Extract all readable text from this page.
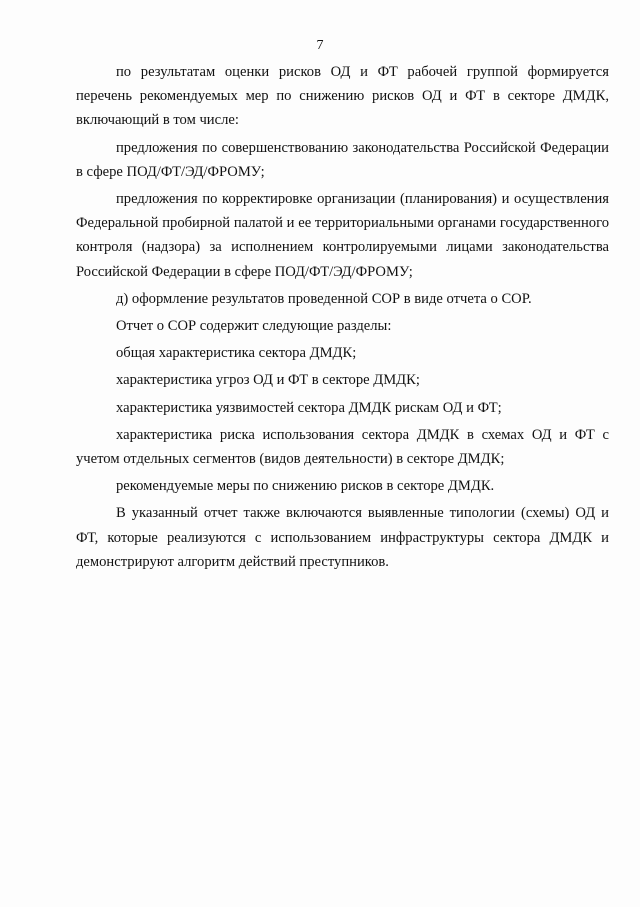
7

по результатам оценки рисков ОД и ФТ рабочей группой формируется перечень рекомендуемых мер по снижению рисков ОД и ФТ в секторе ДМДК, включающий в том числе:

предложения по совершенствованию законодательства Российской Федерации в сфере ПОД/ФТ/ЭД/ФРОМУ;

предложения по корректировке организации (планирования) и осуществления Федеральной пробирной палатой и ее территориальными органами государственного контроля (надзора) за исполнением контролируемыми лицами законодательства Российской Федерации в сфере ПОД/ФТ/ЭД/ФРОМУ;

д) оформление результатов проведенной СОР в виде отчета о СОР.

Отчет о СОР содержит следующие разделы:

общая характеристика сектора ДМДК;

характеристика угроз ОД и ФТ в секторе ДМДК;

характеристика уязвимостей сектора ДМДК рискам ОД и ФТ;

характеристика риска использования сектора ДМДК в схемах ОД и ФТ с учетом отдельных сегментов (видов деятельности) в секторе ДМДК;

рекомендуемые меры по снижению рисков в секторе ДМДК.

В указанный отчет также включаются выявленные типологии (схемы) ОД и ФТ, которые реализуются с использованием инфраструктуры сектора ДМДК и демонстрируют алгоритм действий преступников.
